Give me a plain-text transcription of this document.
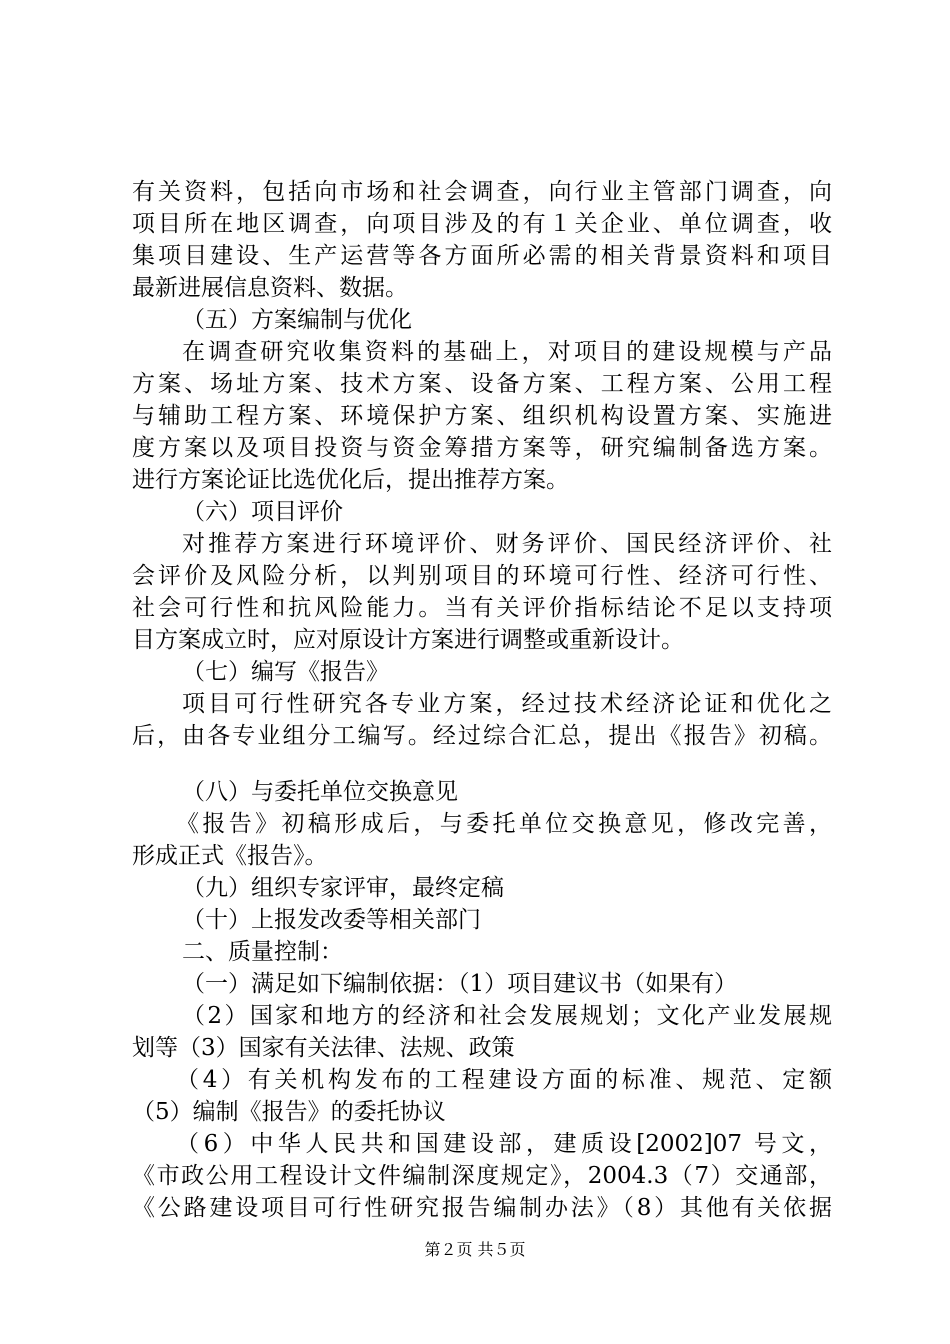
有关资料，包括向市场和社会调查，向行业主管部门调查，向
项目所在地区调查，向项目涉及的有１关企业、单位调查，收
集项目建设、生产运营等各方面所必需的相关背景资料和项目
最新进展信息资料、数据。
（五）方案编制与优化
在调查研究收集资料的基础上，对项目的建设规模与产品
方案、场址方案、技术方案、设备方案、工程方案、公用工程
与辅助工程方案、环境保护方案、组织机构设置方案、实施进
度方案以及项目投资与资金筹措方案等，研究编制备选方案。
进行方案论证比选优化后，提出推荐方案。
（六）项目评价
对推荐方案进行环境评价、财务评价、国民经济评价、社
会评价及风险分析，以判别项目的环境可行性、经济可行性、
社会可行性和抗风险能力。当有关评价指标结论不足以支持项
目方案成立时，应对原设计方案进行调整或重新设计。
（七）编写《报告》
项目可行性研究各专业方案，经过技术经济论证和优化之
后，由各专业组分工编写。经过综合汇总，提出《报告》初稿。
（八）与委托单位交换意见
《报告》初稿形成后，与委托单位交换意见，修改完善，
形成正式《报告》。
（九）组织专家评审，最终定稿
（十）上报发改委等相关部门
二、质量控制：
（一）满足如下编制依据：（1）项目建议书（如果有）
（2）国家和地方的经济和社会发展规划；文化产业发展规
划等（3）国家有关法律、法规、政策
（4）有关机构发布的工程建设方面的标准、规范、定额
（5）编制《报告》的委托协议
（6）中华人民共和国建设部，建质设[2002]07 号文，
《市政公用工程设计文件编制深度规定》，2004.3（7）交通部，
《公路建设项目可行性研究报告编制办法》（8）其他有关依据
第２页 共５页
